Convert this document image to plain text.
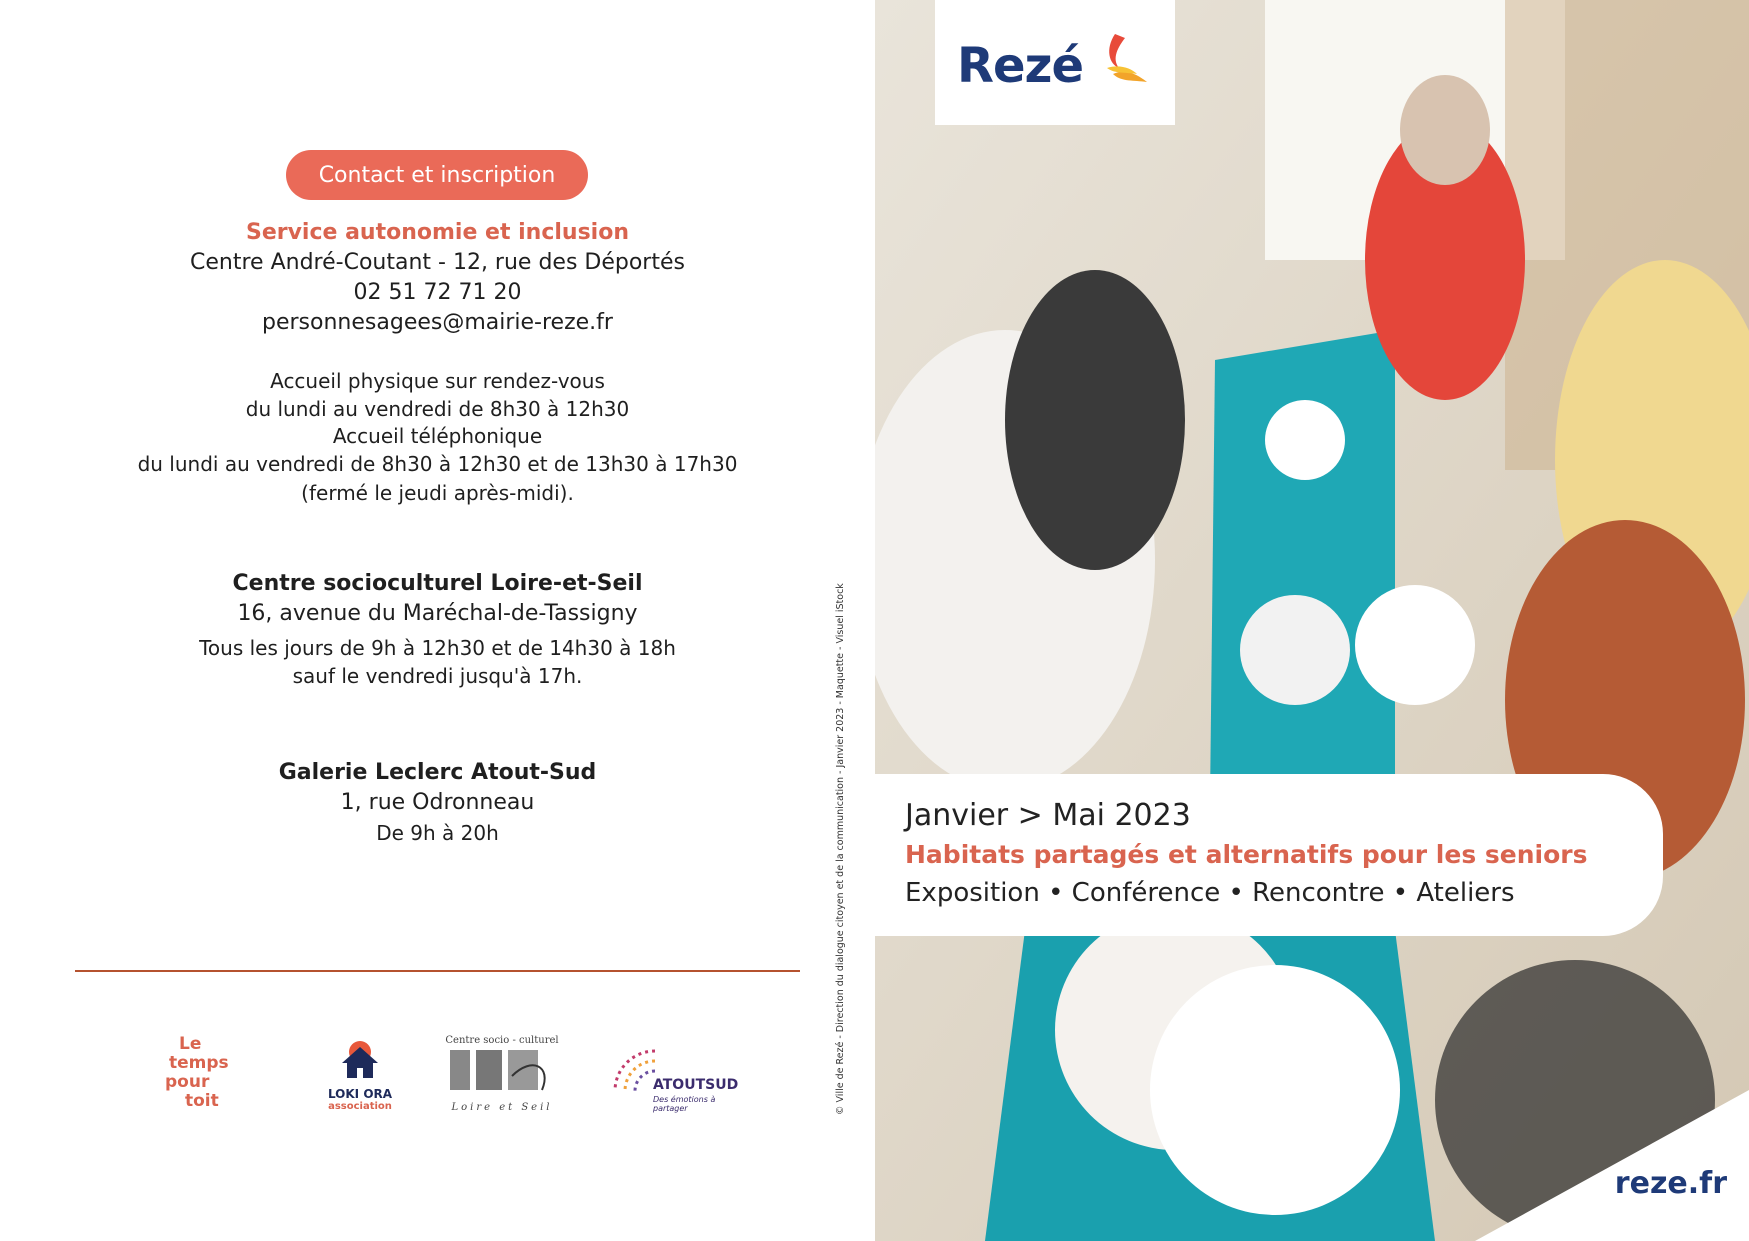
Contact et inscription
Service autonomie et inclusion
Centre André-Coutant - 12, rue des Déportés
02 51 72 71 20
personnesagees@mairie-reze.fr
Accueil physique sur rendez-vous
du lundi au vendredi de 8h30 à 12h30
Accueil téléphonique
du lundi au vendredi de 8h30 à 12h30 et de 13h30 à 17h30
(fermé le jeudi après-midi).
Centre socioculturel Loire-et-Seil
16, avenue du Maréchal-de-Tassigny
Tous les jours de 9h à 12h30 et de 14h30 à 18h
sauf le vendredi jusqu'à 17h.
Galerie Leclerc Atout-Sud
1, rue Odronneau
De 9h à 20h
Le
temps
pour
toit	LOKI ORA
association
Centre socio - culturel
Loire et Seil
ATOUTSUD
Des émotions à partager	© Ville de Rezé - Direction du dialogue citoyen et de la communication - Janvier 2023 - Maquette - Visuel iStock
Rezé
Janvier > Mai 2023
Habitats partagés et alternatifs pour les seniors
Exposition • Conférence • Rencontre • Ateliers
reze.fr
